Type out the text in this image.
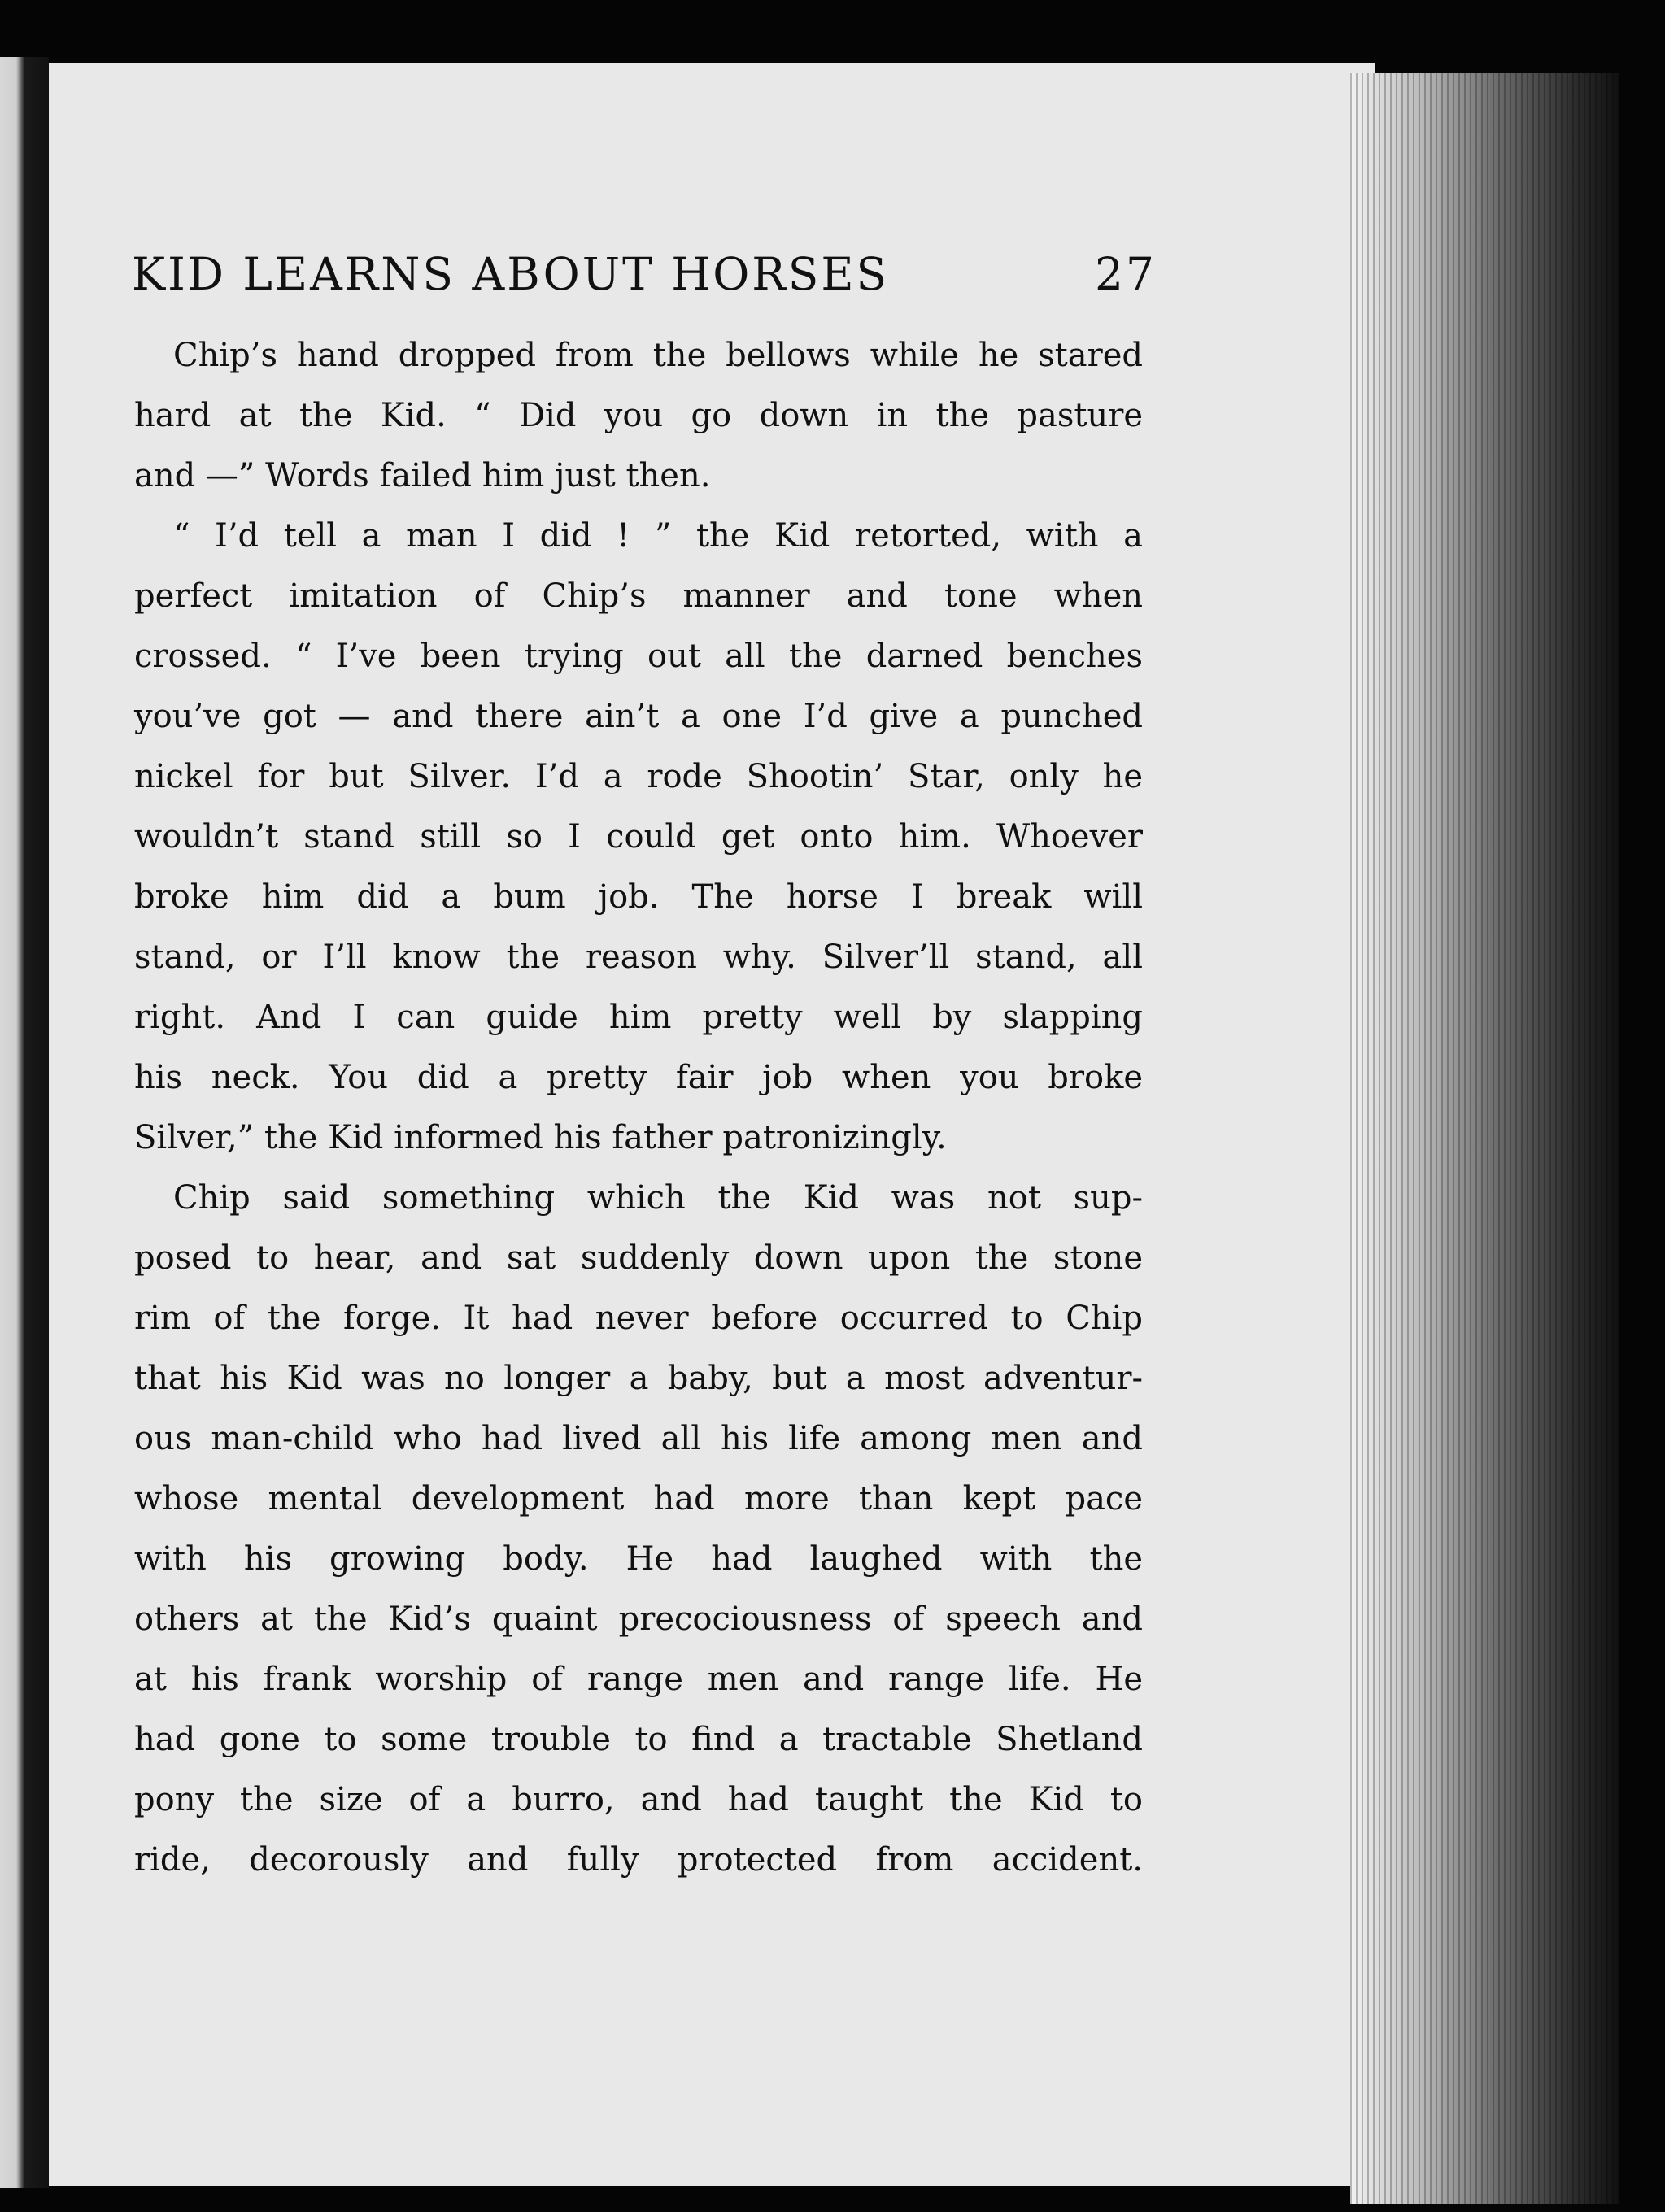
KID LEARNS ABOUT HORSES	27
Chip’s hand dropped from the bellows while he stared
hard at the Kid. “ Did you go down in the pasture
and —” Words failed him just then.
“ I’d tell a man I did ! ” the Kid retorted, with a
perfect imitation of Chip’s manner and tone when
crossed. “ I’ve been trying out all the darned benches
you’ve got — and there ain’t a one I’d give a punched
nickel for but Silver. I’d a rode Shootin’ Star, only he
wouldn’t stand still so I could get onto him. Whoever
broke him did a bum job. The horse I break will
stand, or I’ll know the reason why. Silver’ll stand, all
right. And I can guide him pretty well by slapping
his neck. You did a pretty fair job when you broke
Silver,” the Kid informed his father patronizingly.
Chip said something which the Kid was not sup-
posed to hear, and sat suddenly down upon the stone
rim of the forge. It had never before occurred to Chip
that his Kid was no longer a baby, but a most adventur-
ous man-child who had lived all his life among men and
whose mental development had more than kept pace
with his growing body. He had laughed with the
others at the Kid’s quaint precociousness of speech and
at his frank worship of range men and range life. He
had gone to some trouble to find a tractable Shetland
pony the size of a burro, and had taught the Kid to
ride, decorously and fully protected from accident.
